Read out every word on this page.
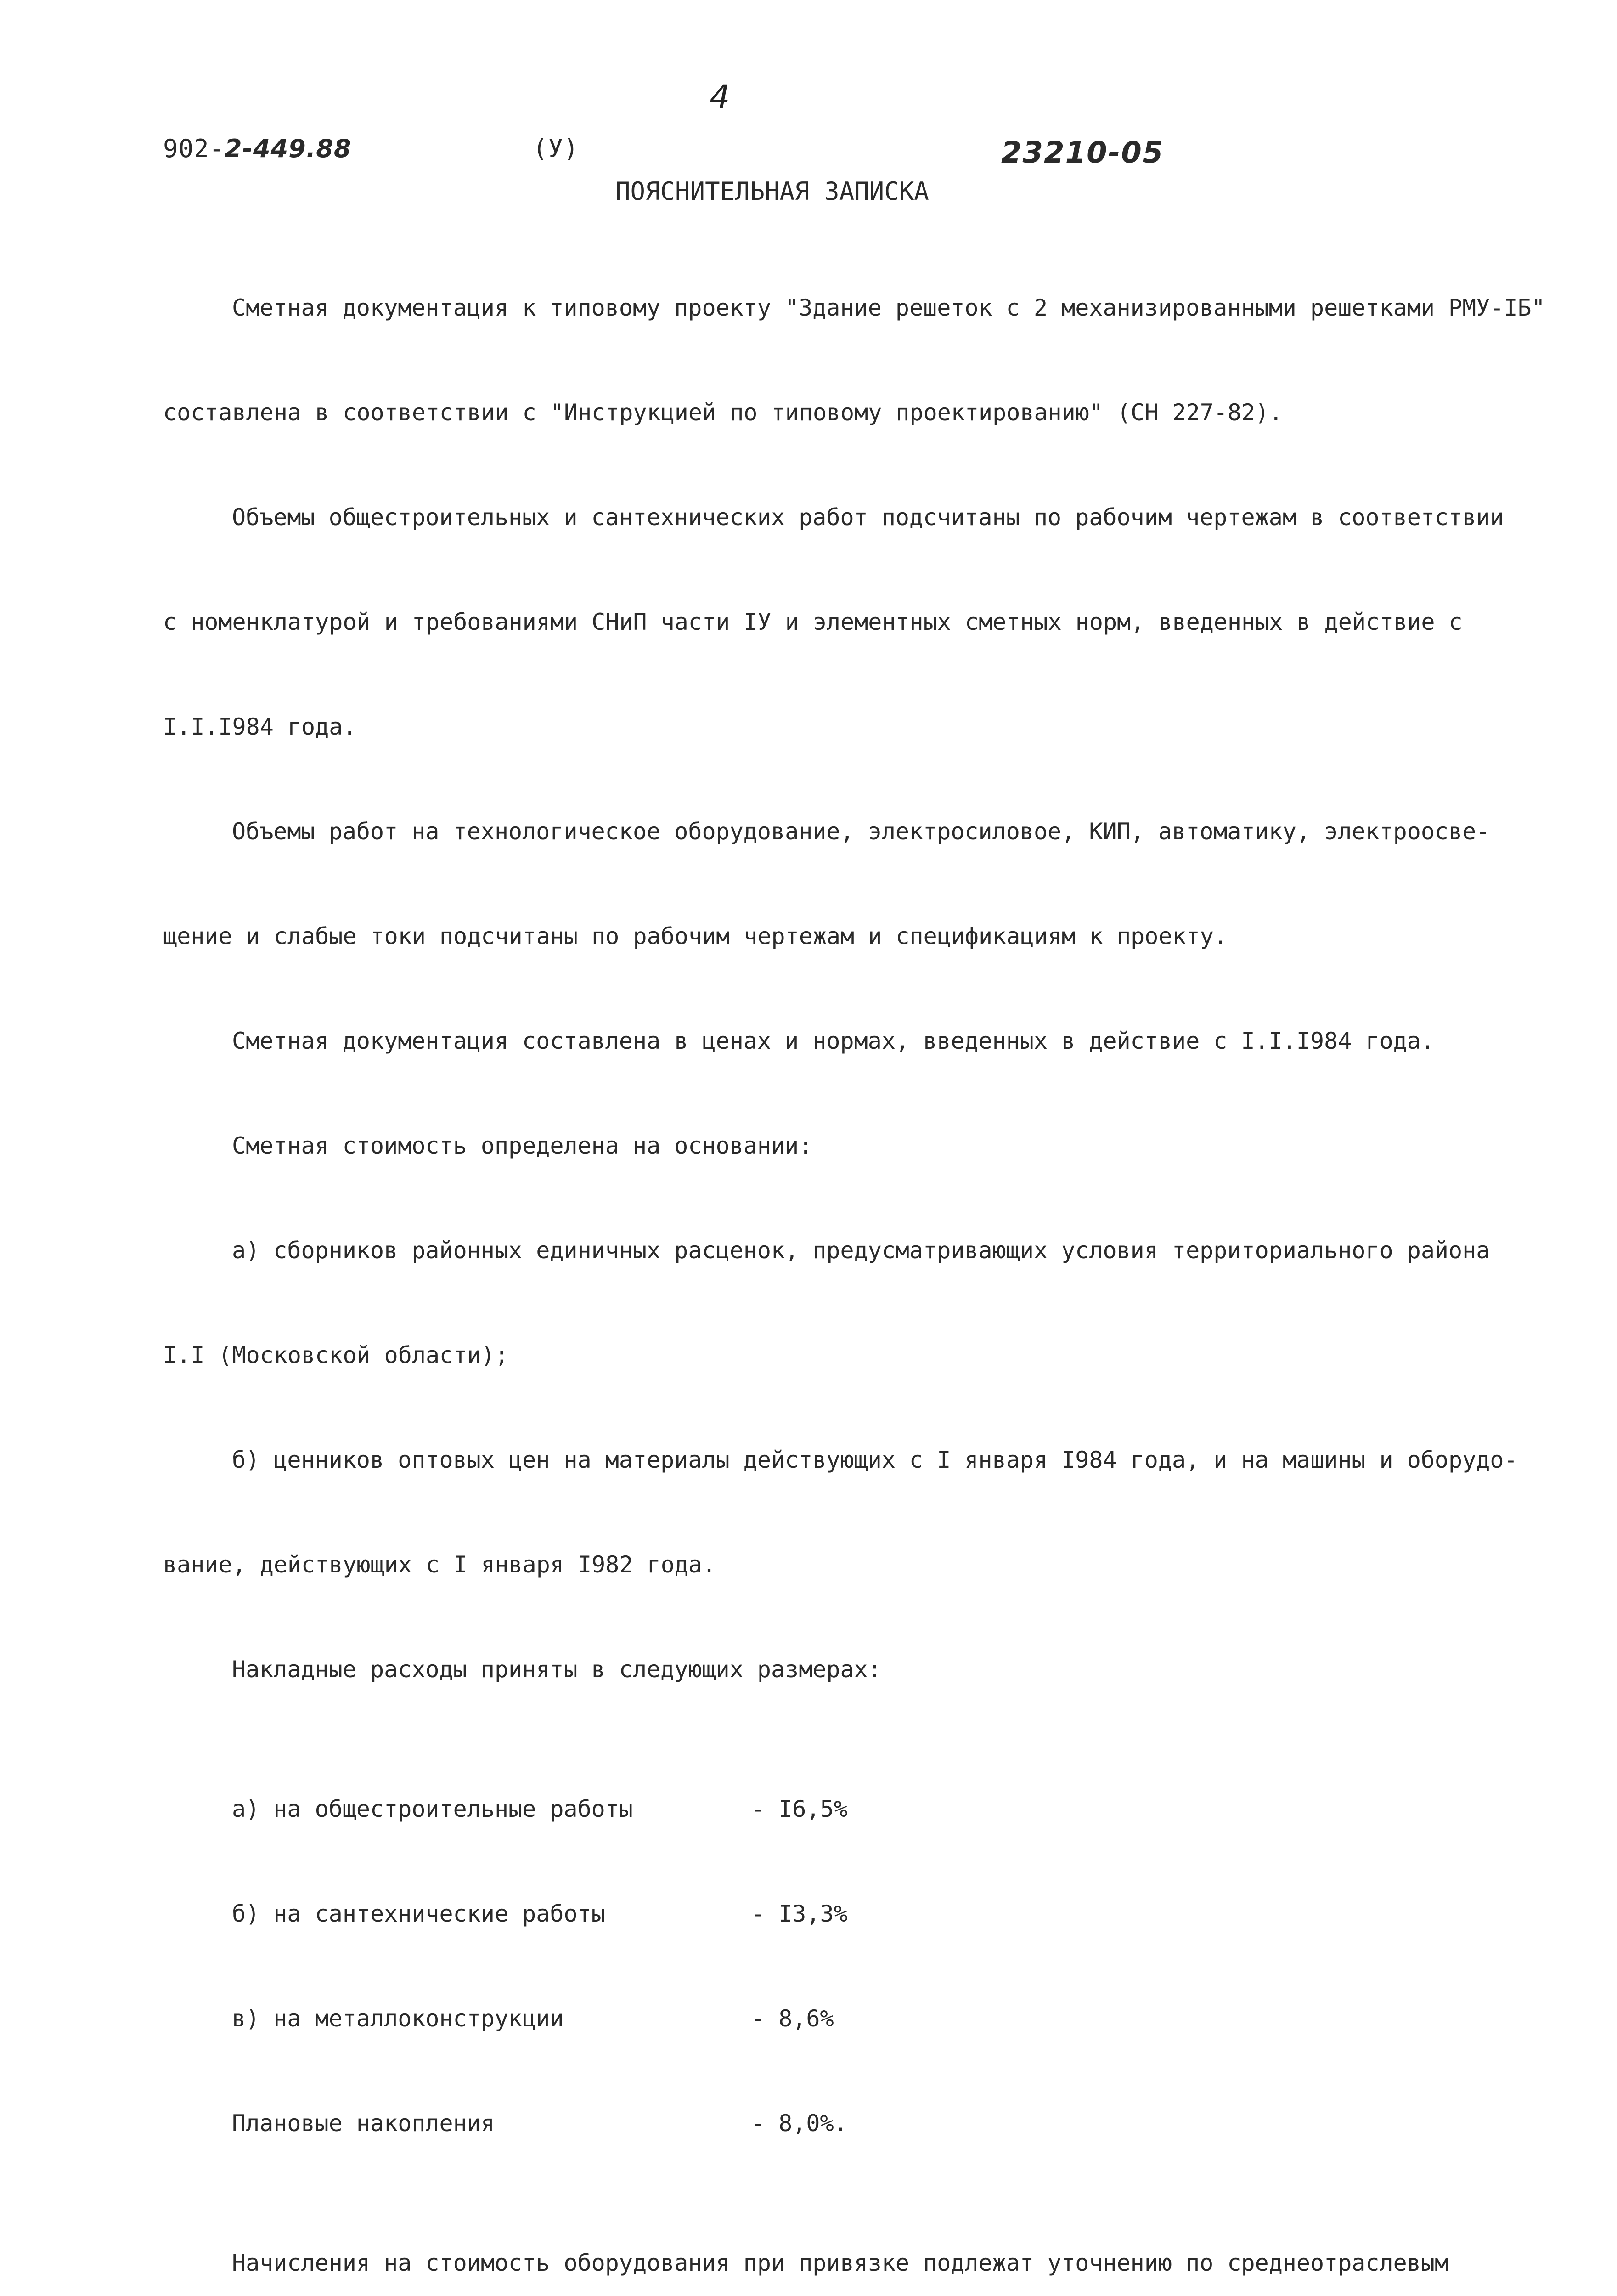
4
902-2-449.88	(У)	23210-05
ПОЯСНИТЕЛЬНАЯ ЗАПИСКА

Сметная документация к типовому проекту "Здание решеток с 2 механизированными решетками РМУ-IБ"

составлена в соответствии с "Инструкцией по типовому проектированию" (СН 227-82).

Объемы общестроительных и сантехнических работ подсчитаны по рабочим чертежам в соответствии

с номенклатурой и требованиями СНиП части IУ и элементных сметных норм, введенных в действие с

I.I.I984 года.

Объемы работ на технологическое оборудование, электросиловое, КИП, автоматику, электроосве-

щение и слабые токи подсчитаны по рабочим чертежам и спецификациям к проекту.

Сметная документация составлена в ценах и нормах, введенных в действие с I.I.I984 года.

Сметная стоимость определена на основании:

а) сборников районных единичных расценок, предусматривающих условия территориального района

I.I (Московской области);

б) ценников оптовых цен на материалы действующих с I января I984 года, и на машины и оборудо-

вание, действующих с I января I982 года.

Накладные расходы приняты в следующих размерах:

а) на общестроительные работы	- I6,5%

б) на сантехнические работы	- I3,3%

в) на металлоконструкции	- 8,6%

Плановые накопления	- 8,0%.

Начисления на стоимость оборудования при привязке подлежат уточнению по среднеотраслевым
